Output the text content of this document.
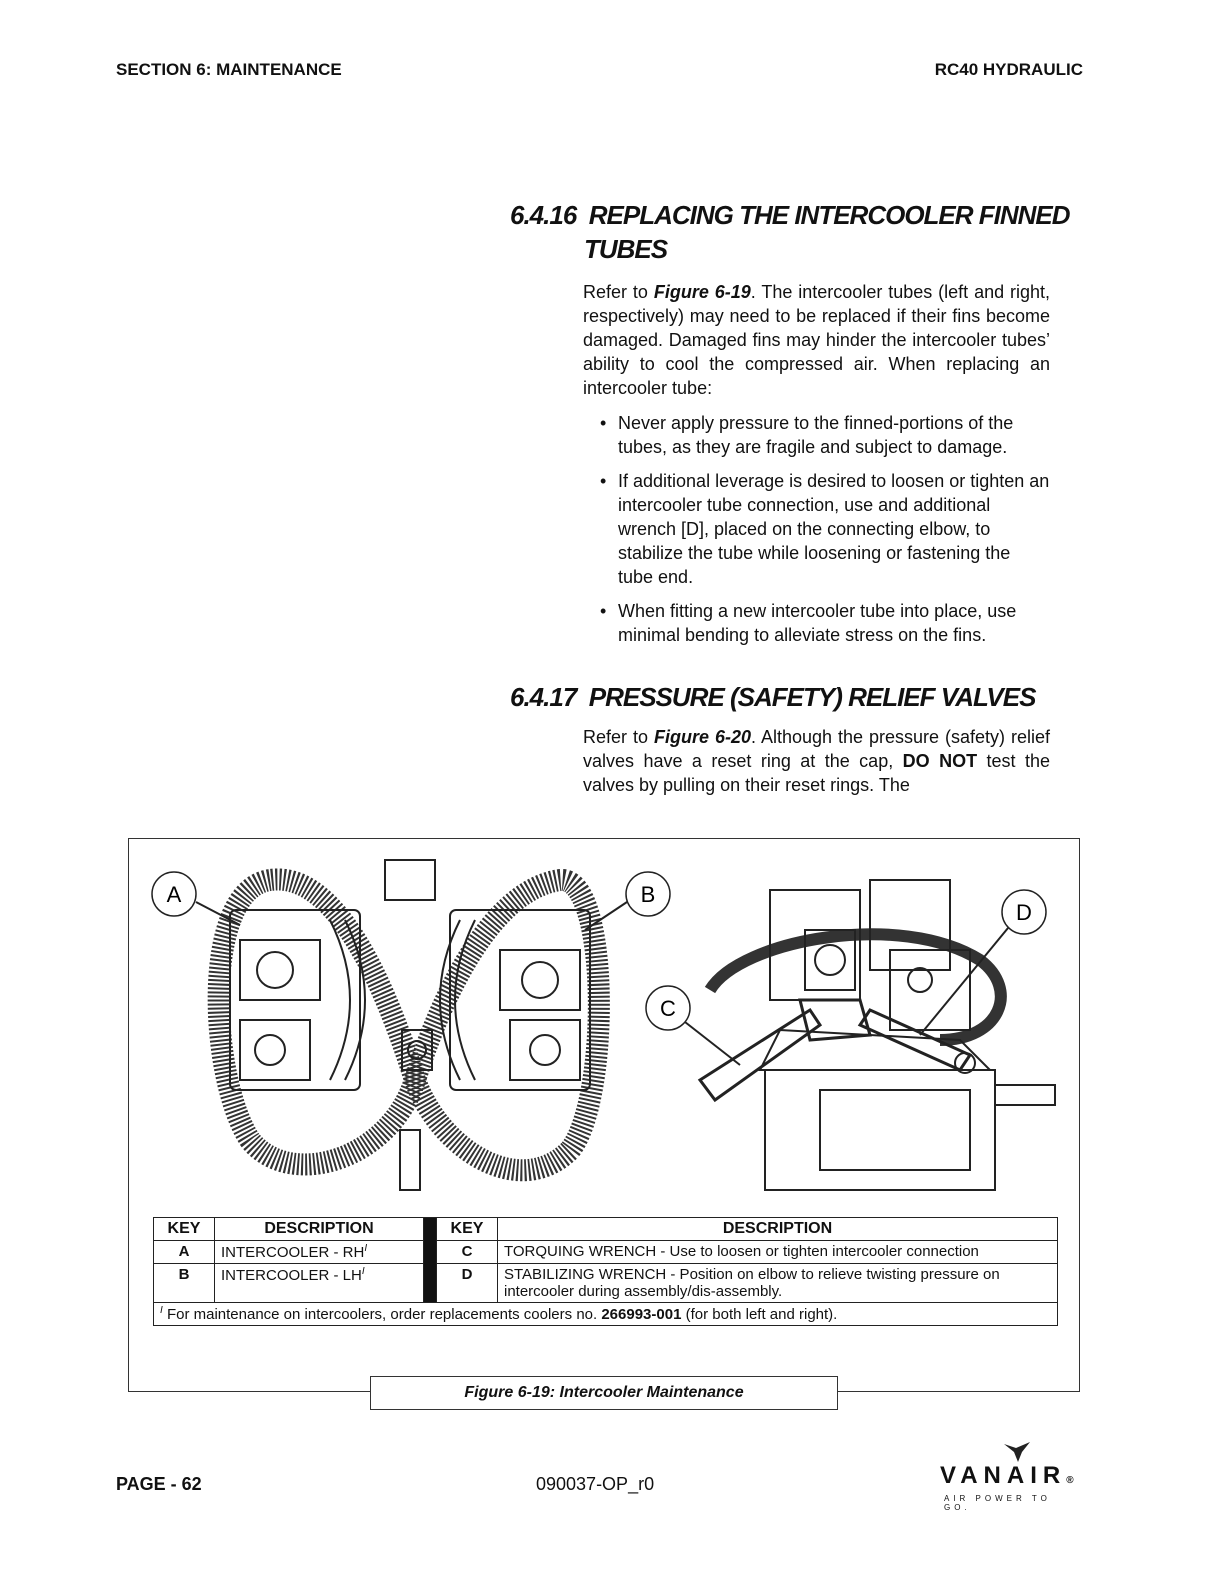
SECTION 6: MAINTENANCE	RC40 HYDRAULIC
6.4.16 REPLACING THE INTERCOOLER FINNED
TUBES
Refer to Figure 6-19. The intercooler tubes (left and right, respectively) may need to be replaced if their fins become damaged. Damaged fins may hinder the intercooler tubes’ ability to cool the compressed air. When replacing an intercooler tube:
• Never apply pressure to the finned-portions of the tubes, as they are fragile and subject to damage.
• If additional leverage is desired to loosen or tighten an intercooler tube connection, use and additional wrench [D], placed on the connecting elbow, to stabilize the tube while loosening or fastening the tube end.
• When fitting a new intercooler tube into place, use minimal bending to alleviate stress on the fins.
6.4.17 PRESSURE (SAFETY) RELIEF VALVES
Refer to Figure 6-20. Although the pressure (safety) relief valves have a reset ring at the cap, DO NOT test the valves by pulling on their reset rings. The
A	B
C
D
KEY	DESCRIPTION		KEY	DESCRIPTION
A	INTERCOOLER - $RH^I$		C	TORQUING WRENCH - Use to loosen or tighten intercooler connection
B	INTERCOOLER - $LH^I$		D	STABILIZING WRENCH - Position on elbow to relieve twisting pressure on intercooler during assembly/dis-assembly.
$^I$ For maintenance on intercoolers, order replacements coolers no. 266993-001 (for both left and right).				
Figure 6-19: Intercooler Maintenance
PAGE - 62	090037-OP_r0	VANAIR®
AIR POWER TO GO.
